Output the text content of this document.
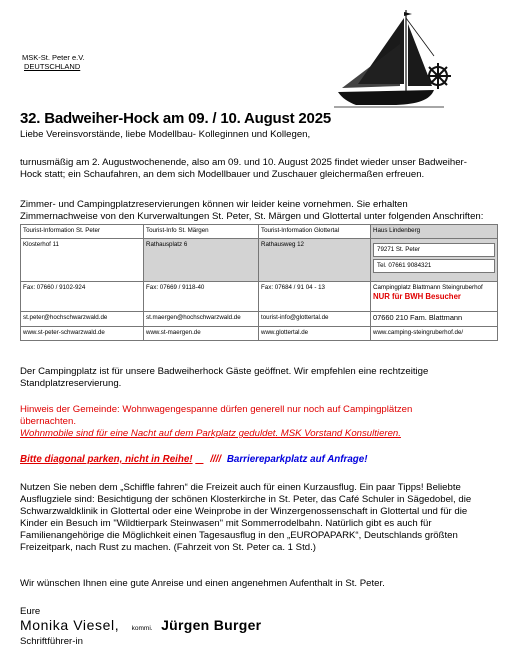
MSK-St. Peter e.V.
DEUTSCHLAND
32. Badweiher-Hock am 09. / 10. August 2025
Liebe Vereinsvorstände, liebe Modellbau- Kolleginnen und Kollegen,
turnusmäßig am 2. Augustwochenende, also am 09. und 10. August 2025 findet wieder unser Badweiher-
Hock statt; ein Schaufahren, an dem sich Modellbauer und Zuschauer gleichermaßen erfreuen.
Zimmer- und Campingplatzreservierungen können wir leider keine vornehmen. Sie erhalten
Zimmernachweise von den Kurverwaltungen St. Peter, St. Märgen und Glottertal unter folgenden Anschriften:
Tourist-Information St. Peter	Tourist-Info St. Märgen	Tourist-Information Glottertal	Haus Lindenberg
Klosterhof 11	Rathausplatz 6	Rathausweg 12	79271 St. Peter
Tel. 07661 9084321

Fax: 07660 / 9102-924	Fax: 07669 / 9118-40	Fax: 07684 / 91 04 - 13	Campingplatz Blattmann Steingruberhof
NUR für BWH Besucher

st.peter@hochschwarzwald.de	st.maergen@hochschwarzwald.de	tourist-info@glottertal.de	07660 210 Fam. Blattmann
www.st-peter-schwarzwald.de	www.st-maergen.de	www.glottertal.de	www.camping-steingruberhof.de/
Der Campingplatz ist für unsere Badweiherhock Gäste geöffnet. Wir empfehlen eine rechtzeitige
Standplatzreservierung.
Hinweis der Gemeinde: Wohnwagengespanne dürfen generell nur noch auf Campingplätzen
übernachten.
Wohnmobile sind für eine Nacht auf dem Parkplatz geduldet. MSK Vorstand Konsultieren.
Bitte diagonal parken, nicht in Reihe! //// Barriereparkplatz auf Anfrage!
Nutzen Sie neben dem „Schiffle fahren“ die Freizeit auch für einen Kurzausflug. Ein paar Tipps! Beliebte
Ausflugziele sind: Besichtigung der schönen Klosterkirche in St. Peter, das Café Schuler in Sägedobel, die
Schwarzwaldklinik in Glottertal oder eine Weinprobe in der Winzergenossenschaft in Glottertal und für die
Kinder ein Besuch im "Wildtierpark Steinwasen" mit Sommerrodelbahn. Natürlich gibt es auch für
Familienangehörige die Möglichkeit einen Tagesausflug in den „EUROPAPARK“, Deutschlands größten
Freizeitpark, nach Rust zu machen. (Fahrzeit von St. Peter ca. 1 Std.)
Wir wünschen Ihnen eine gute Anreise und einen angenehmen Aufenthalt in St. Peter.
Eure
Monika Viesel, kommi. Jürgen Burger
Schriftführer-in
